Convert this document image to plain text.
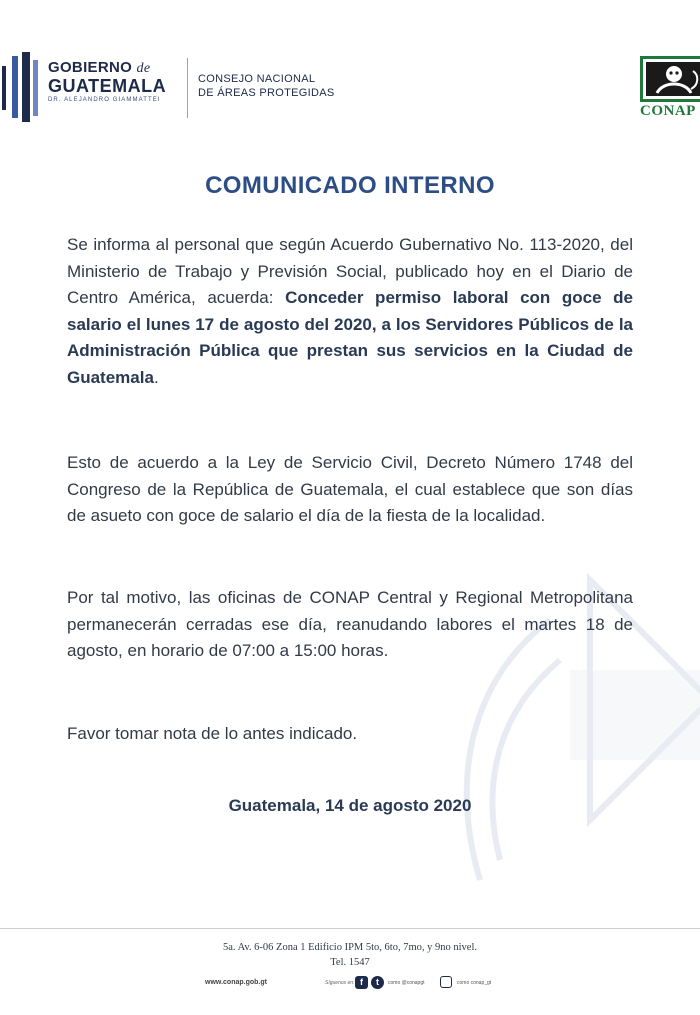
GOBIERNO de
GUATEMALA
DR. ALEJANDRO GIAMMATTEI
CONSEJO NACIONAL
DE ÁREAS PROTEGIDAS
CONAP
COMUNICADO INTERNO

Se informa al personal que según Acuerdo Gubernativo No. 113-2020, del Ministerio de Trabajo y Previsión Social, publicado hoy en el Diario de Centro América, acuerda: Conceder permiso laboral con goce de salario el lunes 17 de agosto del 2020, a los Servidores Públicos de la Administración Pública que prestan sus servicios en la Ciudad de Guatemala.

Esto de acuerdo a la Ley de Servicio Civil, Decreto Número 1748 del Congreso de la República de Guatemala, el cual establece que son días de asueto con goce de salario el día de la fiesta de la localidad.

Por tal motivo, las oficinas de CONAP Central y Regional Metropolitana permanecerán cerradas ese día, reanudando labores el martes 18 de agosto, en horario de 07:00 a 15:00 horas.

Favor tomar nota de lo antes indicado.

Guatemala, 14 de agosto 2020
5a. Av. 6-06 Zona 1 Edificio IPM 5to, 6to, 7mo, y 9no nivel.
Tel. 1547
www.conap.gob.gt	Síguenos en: f	t	como @conapgt	como conap_gt
